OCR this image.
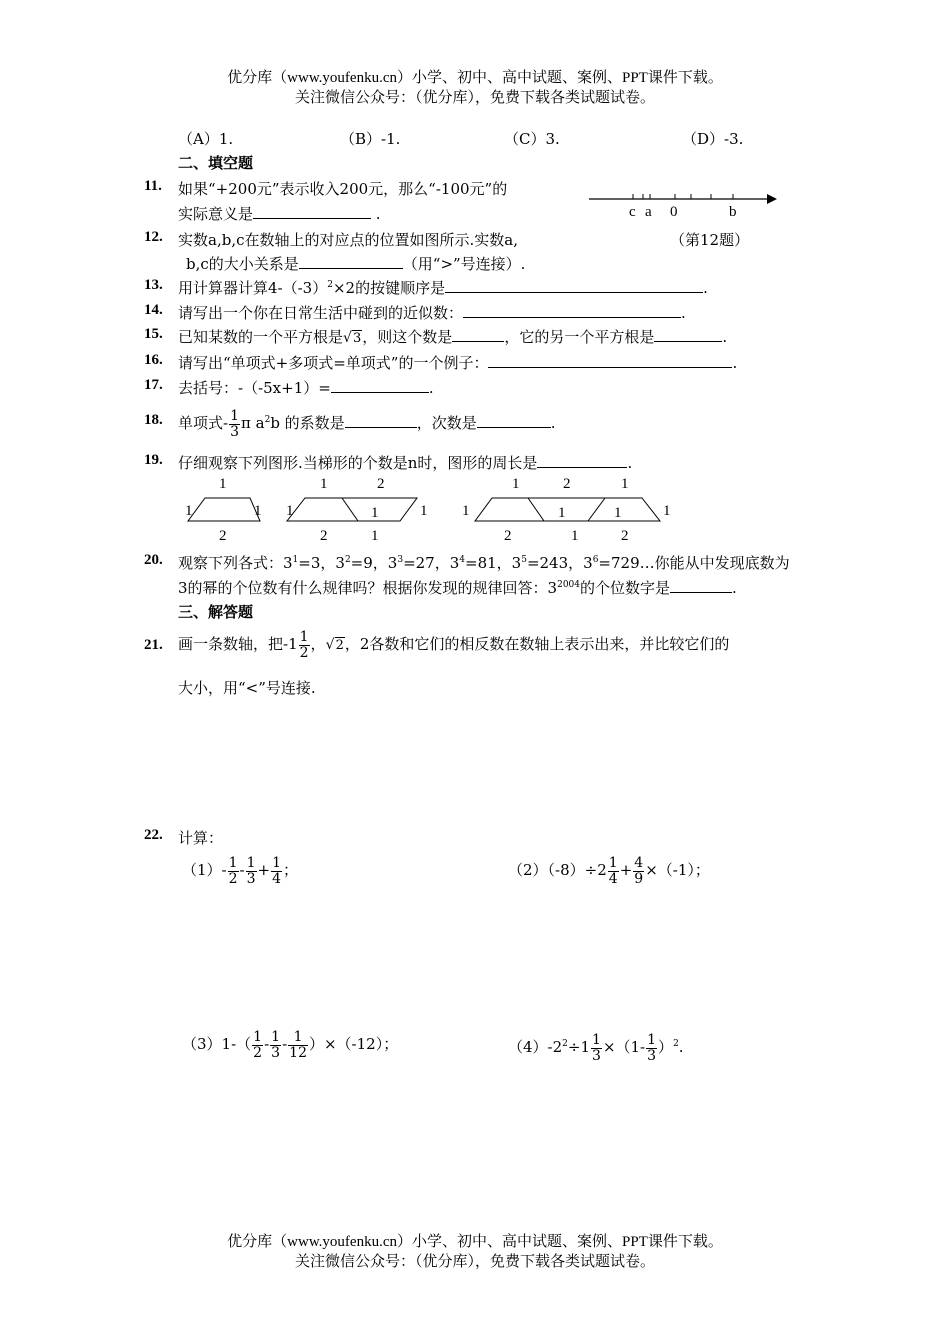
优分库（www.youfenku.cn）小学、初中、高中试题、案例、PPT课件下载。
关注微信公众号：（优分库），免费下载各类试题试卷。
（A）1.	（B）-1.	（C）3.	（D）-3.
二、填空题
11. 如果“+200元”表示收入200元，那么“-100元”的
实际意义是	.	c a 0	b
（第12题）
12. 实数a,b,c在数轴上的对应点的位置如图所示.实数a,
b,c的大小关系是	（用“>”号连接）.
13. 用计算器计算$4-(-3)^2\times 2$的按键顺序是	.
14. 请写出一个你在日常生活中碰到的近似数：	.
15. 已知某数的一个平方根是 √ 3，则这个数是	，它的另一个平方根是	.
16. 请写出“单项式+多项式=单项式”的一个例子：	.
17. 去括号：-（-5x+1）=	.
18. 单项式- $\frac{1}{3}$ π $a^2b$ 的系数是	，次数是	.
19. 仔细观察下列图形.当梯形的个数是n时，图形的周长是	.
1
1	1
2
1	2
1	1	1
2	1
1	2	1
1	1	1	1
2	1	2
20. 观察下列各式：$3^1=3$，$3^2=9$，$3^3=27$，$3^4=81$，$3^5=243$，$3^6=729\dots$你能从中发现底数为
3的幂的个位数有什么规律吗？根据你发现的规律回答：$3^{2004}$的个位数字是	.
三、解答题
21. 画一条数轴，把$-1 \frac{1}{2}$ ， √ 2，2各数和它们的相反数在数轴上表示出来，并比较它们的
大小，用“<”号连接.
22. 计算：
$(1)- \frac{1}{2} - \frac{1}{3} + \frac{1}{4}$ ；	$(2)(-8)\div 2 \frac{1}{4} + \frac{4}{9} \times(-1)$；
$(3)1-( \frac{1}{2} - \frac{1}{3} - \frac{1}{12} )\times(-12)$；	$(4)-2^2\div 1 \frac{1}{3} \times(1- \frac{1}{3} )^2$.
优分库（www.youfenku.cn）小学、初中、高中试题、案例、PPT课件下载。
关注微信公众号：（优分库），免费下载各类试题试卷。
